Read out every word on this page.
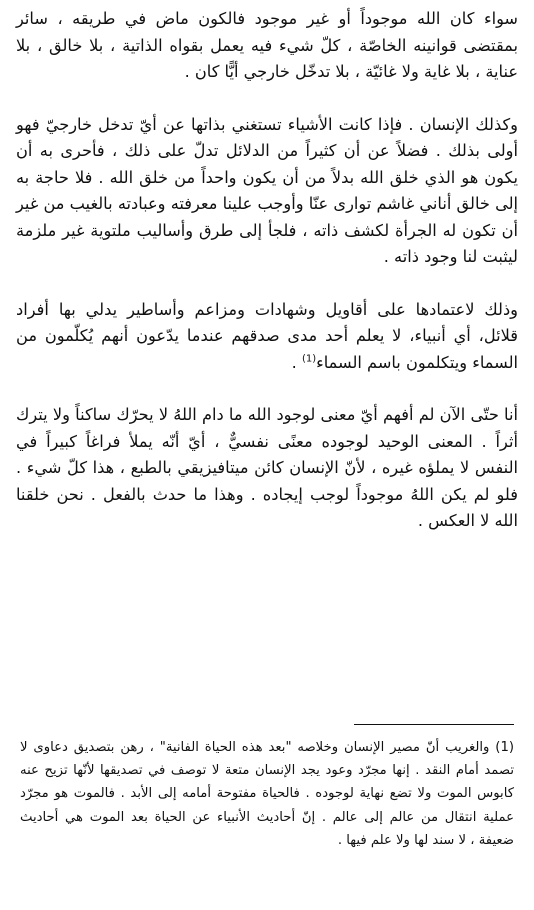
سواء كان الله موجوداً أو غير موجود فالكون ماض في طريقه ، سائر بمقتضى قوانينه الخاصّة ، كلّ شيء فيه يعمل بقواه الذاتية ، بلا خالق ، بلا عناية ، بلا غاية ولا غائيّة ، بلا تدخّل خارجي أيًّا كان .

وكذلك الإنسان . فإذا كانت الأشياء تستغني بذاتها عن أيّ تدخل خارجيّ فهو أولى بذلك . فضلاً عن أن كثيراً من الدلائل تدلّ على ذلك ، فأحرى به أن يكون هو الذي خلق الله بدلاً من أن يكون واحداً من خلق الله . فلا حاجة به إلى خالق أناني غاشم توارى عنّا وأوجب علينا معرفته وعبادته بالغيب من غير أن تكون له الجرأة لكشف ذاته ، فلجأ إلى طرق وأساليب ملتوية غير ملزمة ليثبت لنا وجود ذاته .

وذلك لاعتمادها على أقاويل وشهادات ومزاعم وأساطير يدلي بها أفراد قلائل، أي أنبياء، لا يعلم أحد مدى صدقهم عندما يدّعون أنهم يُكلّمون من السماء ويتكلمون باسم السماء$^{(1)}$ .

أنا حتّى الآن لم أفهم أيّ معنى لوجود الله ما دام اللهُ لا يحرّك ساكناً ولا يترك أثراً . المعنى الوحيد لوجوده معنًى نفسيٌّ ، أيّ أنّه يملأ فراغاً كبيراً في النفس لا يملؤه غيره ، لأنّ الإنسان كائن ميتافيزيقي بالطبع ، هذا كلّ شيء . فلو لم يكن اللهُ موجوداً لوجب إيجاده . وهذا ما حدث بالفعل . نحن خلقنا الله لا العكس .

(1) والغريب أنّ مصير الإنسان وخلاصه "بعد هذه الحياة الفانية" ، رهن بتصديق دعاوى لا تصمد أمام النقد . إنها مجرّد وعود يجد الإنسان متعة لا توصف في تصديقها لأنّها تزيح عنه كابوس الموت ولا تضع نهاية لوجوده . فالحياة مفتوحة أمامه إلى الأبد . فالموت هو مجرّد عملية انتقال من عالم إلى عالم . إنّ أحاديث الأنبياء عن الحياة بعد الموت هي أحاديث ضعيفة ، لا سند لها ولا علم فيها .
